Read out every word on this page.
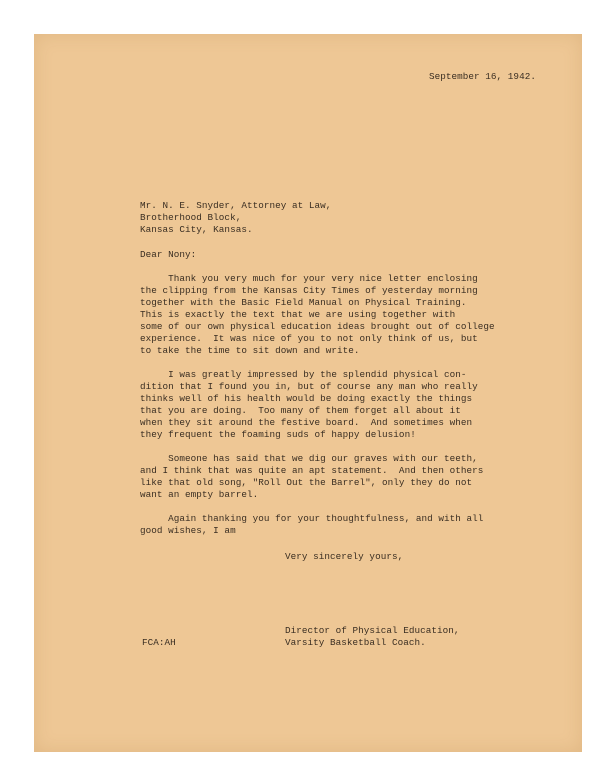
September 16, 1942.
Mr. N. E. Snyder, Attorney at Law,
Brotherhood Block,
Kansas City, Kansas.
Dear Nony:
Thank you very much for your very nice letter enclosing
the clipping from the Kansas City Times of yesterday morning
together with the Basic Field Manual on Physical Training.
This is exactly the text that we are using together with
some of our own physical education ideas brought out of college
experience.  It was nice of you to not only think of us, but
to take the time to sit down and write.
I was greatly impressed by the splendid physical con-
dition that I found you in, but of course any man who really
thinks well of his health would be doing exactly the things
that you are doing.  Too many of them forget all about it
when they sit around the festive board.  And sometimes when
they frequent the foaming suds of happy delusion!
Someone has said that we dig our graves with our teeth,
and I think that was quite an apt statement.  And then others
like that old song, "Roll Out the Barrel", only they do not
want an empty barrel.
Again thanking you for your thoughtfulness, and with all
good wishes, I am
Very sincerely yours,
Director of Physical Education,
Varsity Basketball Coach.
FCA:AH
